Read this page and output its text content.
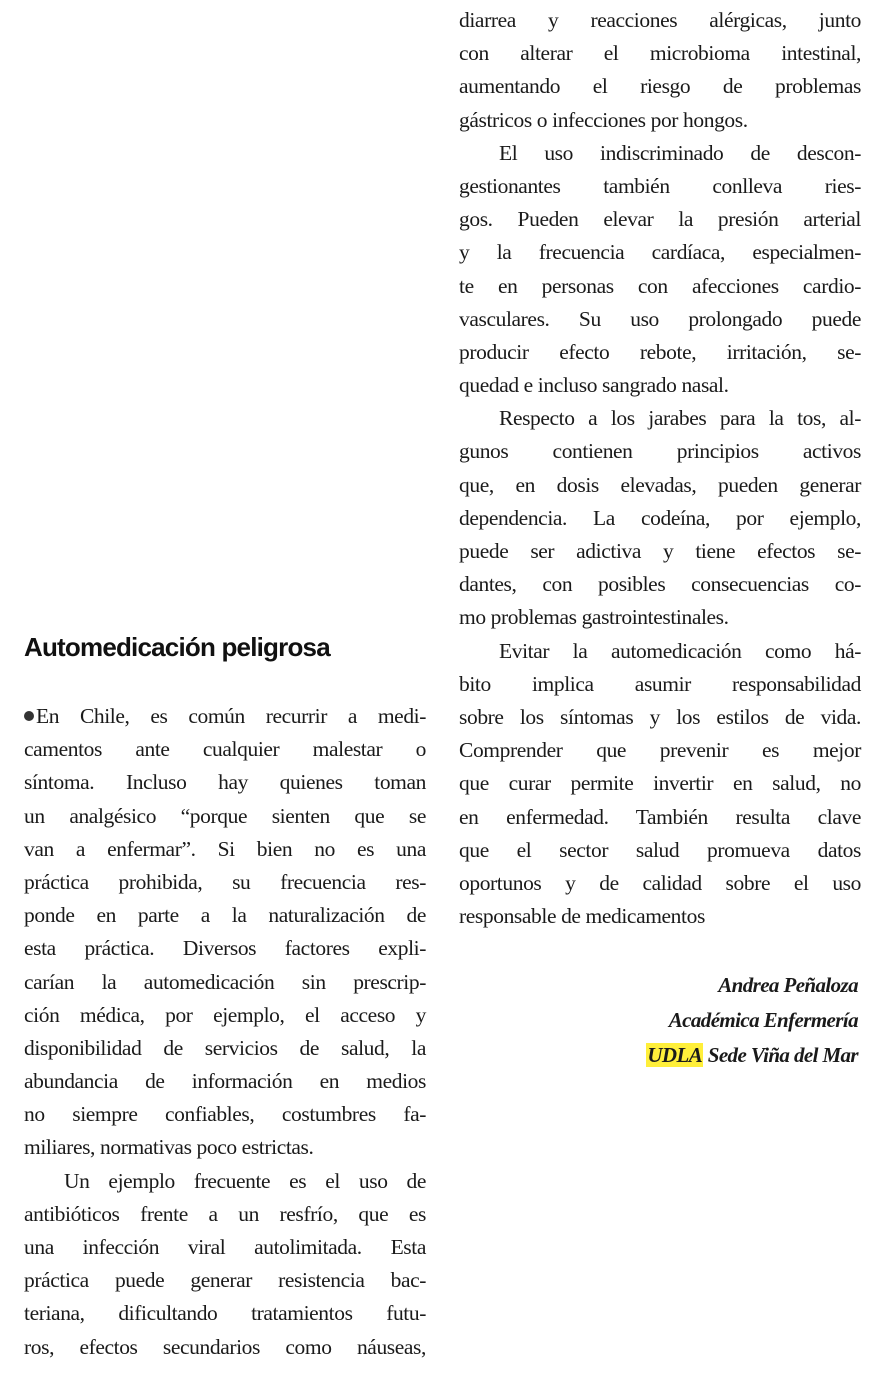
Automedicación peligrosa
En Chile, es común recurrir a medi-
camentos ante cualquier malestar o
síntoma. Incluso hay quienes toman
un analgésico “porque sienten que se
van a enfermar”. Si bien no es una
práctica prohibida, su frecuencia res-
ponde en parte a la naturalización de
esta práctica. Diversos factores expli-
carían la automedicación sin prescrip-
ción médica, por ejemplo, el acceso y
disponibilidad de servicios de salud, la
abundancia de información en medios
no siempre confiables, costumbres fa-
miliares, normativas poco estrictas.
Un ejemplo frecuente es el uso de
antibióticos frente a un resfrío, que es
una infección viral autolimitada. Esta
práctica puede generar resistencia bac-
teriana, dificultando tratamientos futu-
ros, efectos secundarios como náuseas,
diarrea y reacciones alérgicas, junto
con alterar el microbioma intestinal,
aumentando el riesgo de problemas
gástricos o infecciones por hongos.
El uso indiscriminado de descon-
gestionantes también conlleva ries-
gos. Pueden elevar la presión arterial
y la frecuencia cardíaca, especialmen-
te en personas con afecciones cardio-
vasculares. Su uso prolongado puede
producir efecto rebote, irritación, se-
quedad e incluso sangrado nasal.
Respecto a los jarabes para la tos, al-
gunos contienen principios activos
que, en dosis elevadas, pueden generar
dependencia. La codeína, por ejemplo,
puede ser adictiva y tiene efectos se-
dantes, con posibles consecuencias co-
mo problemas gastrointestinales.
Evitar la automedicación como há-
bito implica asumir responsabilidad
sobre los síntomas y los estilos de vida.
Comprender que prevenir es mejor
que curar permite invertir en salud, no
en enfermedad. También resulta clave
que el sector salud promueva datos
oportunos y de calidad sobre el uso
responsable de medicamentos
Andrea Peñaloza
Académica Enfermería
UDLA Sede Viña del Mar
